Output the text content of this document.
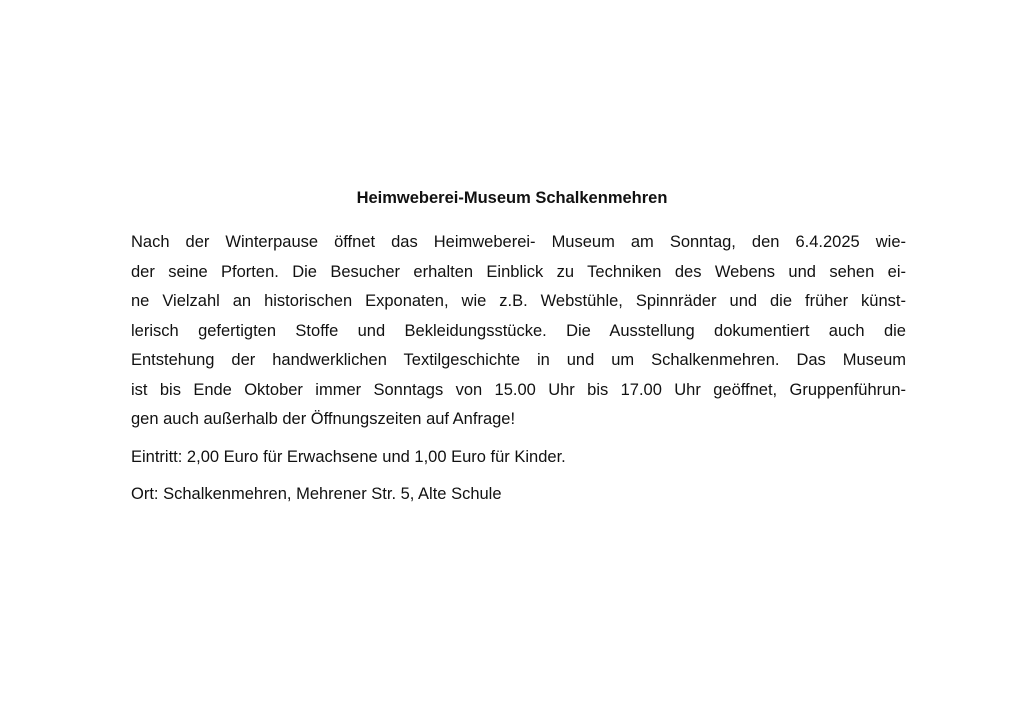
Heimweberei-Museum Schalkenmehren
Nach der Winterpause öffnet das Heimweberei- Museum am Sonntag, den 6.4.2025 wie-
der seine Pforten. Die Besucher erhalten Einblick zu Techniken des Webens und sehen ei-
ne Vielzahl an historischen Exponaten, wie z.B. Webstühle, Spinnräder und die früher künst-
lerisch gefertigten Stoffe und Bekleidungsstücke. Die Ausstellung dokumentiert auch die
Entstehung der handwerklichen Textilgeschichte in und um Schalkenmehren. Das Museum
ist bis Ende Oktober immer Sonntags von 15.00 Uhr bis 17.00 Uhr geöffnet, Gruppenführun-
gen auch außerhalb der Öffnungszeiten auf Anfrage!
Eintritt: 2,00 Euro für Erwachsene und 1,00 Euro für Kinder.
Ort: Schalkenmehren, Mehrener Str. 5, Alte Schule
